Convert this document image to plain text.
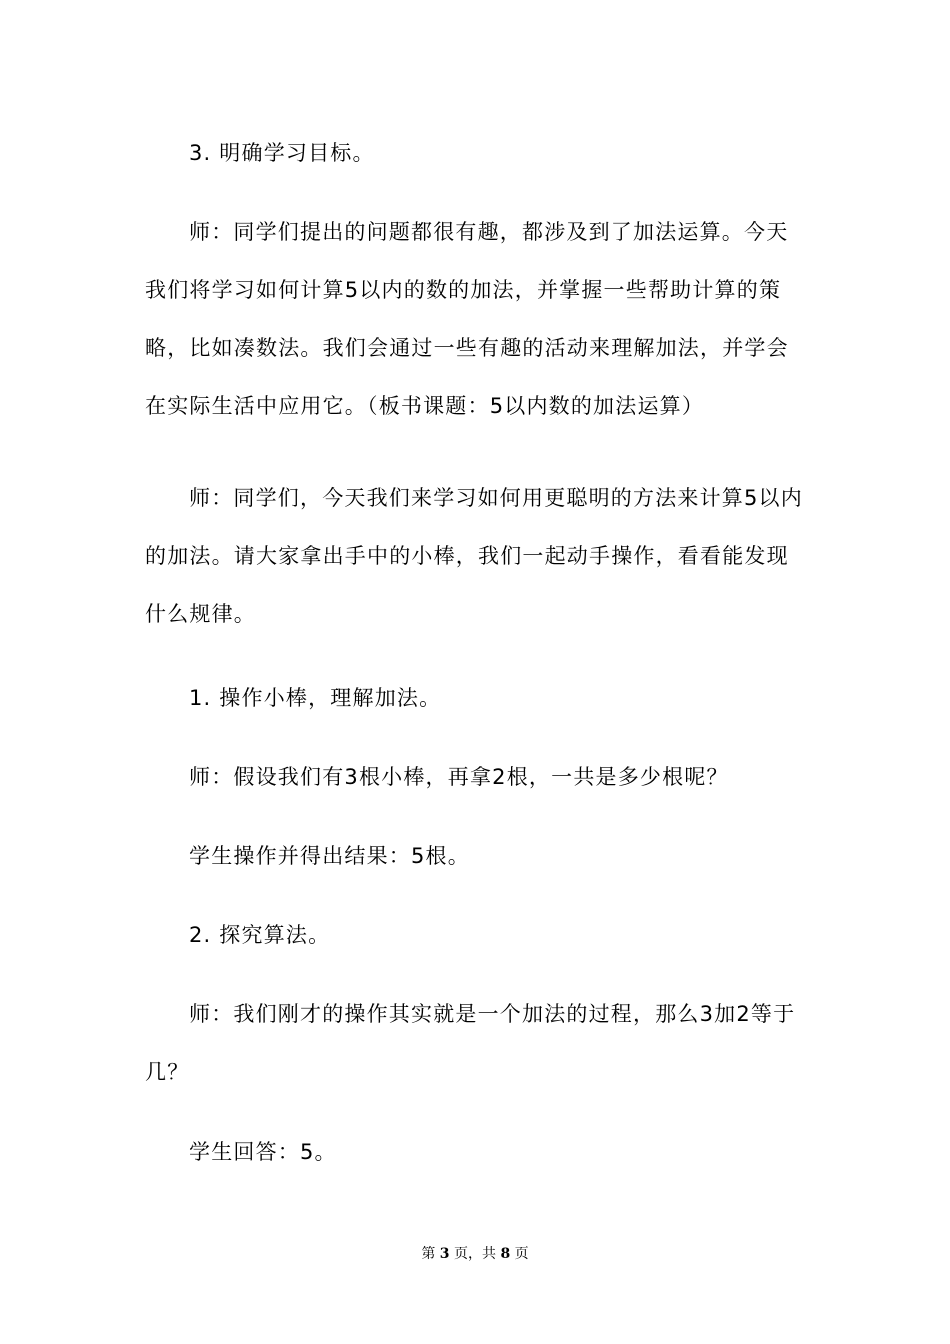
3. 明确学习目标。

师：同学们提出的问题都很有趣，都涉及到了加法运算。今天我们将学习如何计算5以内的数的加法，并掌握一些帮助计算的策略，比如凑数法。我们会通过一些有趣的活动来理解加法，并学会在实际生活中应用它。（板书课题：5以内数的加法运算）

师：同学们，今天我们来学习如何用更聪明的方法来计算5以内的加法。请大家拿出手中的小棒，我们一起动手操作，看看能发现什么规律。

1. 操作小棒，理解加法。

师：假设我们有3根小棒，再拿2根，一共是多少根呢？

学生操作并得出结果：5根。

2. 探究算法。

师：我们刚才的操作其实就是一个加法的过程，那么3加2等于几？

学生回答：5。

第 3 页，共 8 页
